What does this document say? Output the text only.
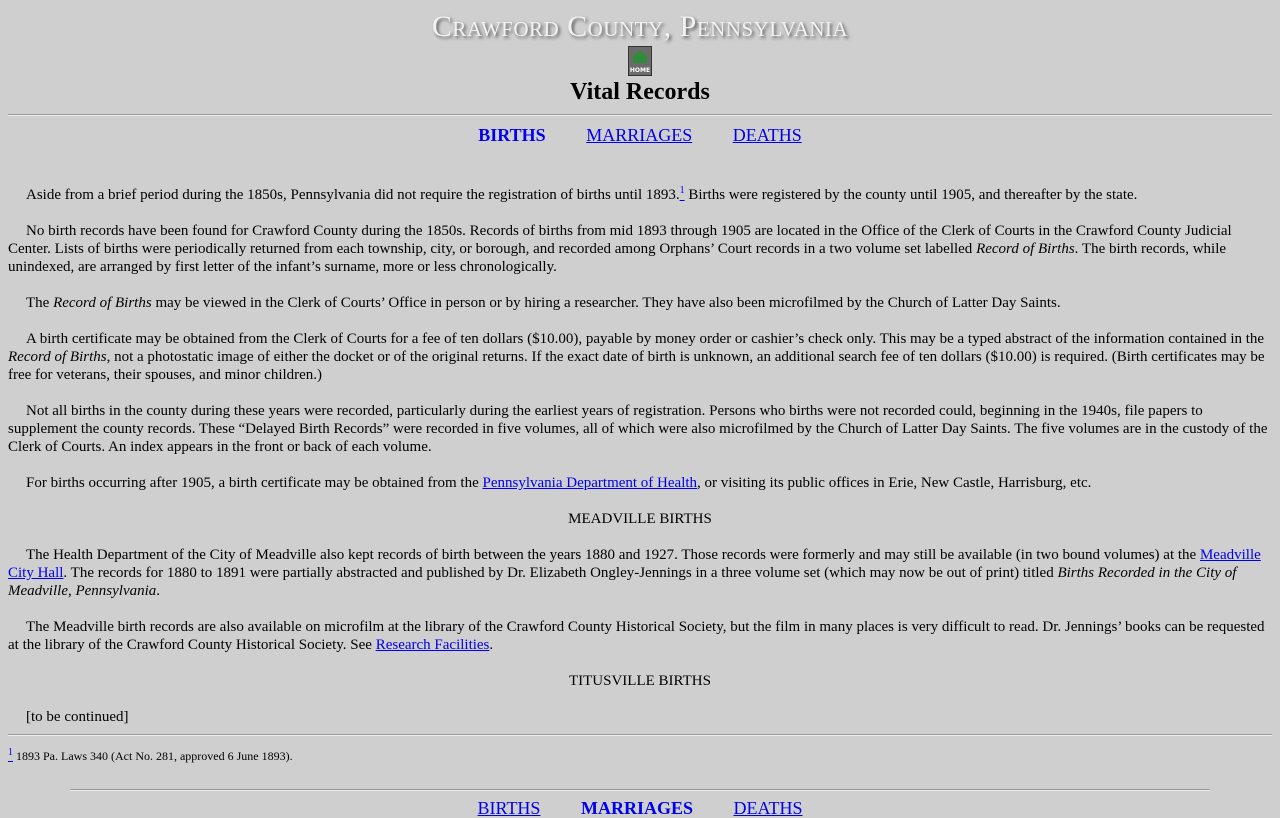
Crawford County, Pennsylvania
HOME
Vital Records
BIRTHS MARRIAGES DEATHS

Aside from a brief period during the 1850s, Pennsylvania did not require the registration of births until 1893.$^1$ Births were registered by the county until 1905, and thereafter by the state.

No birth records have been found for Crawford County during the 1850s. Records of births from mid 1893 through 1905 are located in the Office of the Clerk of Courts in the Crawford County Judicial Center. Lists of births were periodically returned from each township, city, or borough, and recorded among Orphans’ Court records in a two volume set labelled Record of Births. The birth records, while unindexed, are arranged by first letter of the infant’s surname, more or less chronologically.

The Record of Births may be viewed in the Clerk of Courts’ Office in person or by hiring a researcher. They have also been microfilmed by the Church of Latter Day Saints.

A birth certificate may be obtained from the Clerk of Courts for a fee of ten dollars ($10.00), payable by money order or cashier’s check only. This may be a typed abstract of the information contained in the Record of Births, not a photostatic image of either the docket or of the original returns. If the exact date of birth is unknown, an additional search fee of ten dollars ($10.00) is required. (Birth certificates may be free for veterans, their spouses, and minor children.)

Not all births in the county during these years were recorded, particularly during the earliest years of registration. Persons who births were not recorded could, beginning in the 1940s, file papers to supplement the county records. These “Delayed Birth Records” were recorded in five volumes, all of which were also microfilmed by the Church of Latter Day Saints. The five volumes are in the custody of the Clerk of Courts. An index appears in the front or back of each volume.

For births occurring after 1905, a birth certificate may be obtained from the Pennsylvania Department of Health, or visiting its public offices in Erie, New Castle, Harrisburg, etc.

MEADVILLE BIRTHS

The Health Department of the City of Meadville also kept records of birth between the years 1880 and 1927. Those records were formerly and may still be available (in two bound volumes) at the Meadville City Hall. The records for 1880 to 1891 were partially abstracted and published by Dr. Elizabeth Ongley-Jennings in a three volume set (which may now be out of print) titled Births Recorded in the City of Meadville, Pennsylvania.

The Meadville birth records are also available on microfilm at the library of the Crawford County Historical Society, but the film in many places is very difficult to read. Dr. Jennings’ books can be requested at the library of the Crawford County Historical Society. See Research Facilities.

TITUSVILLE BIRTHS

[to be continued]

$^1$ 1893 Pa. Laws 340 (Act No. 281, approved 6 June 1893).

BIRTHS MARRIAGES DEATHS
